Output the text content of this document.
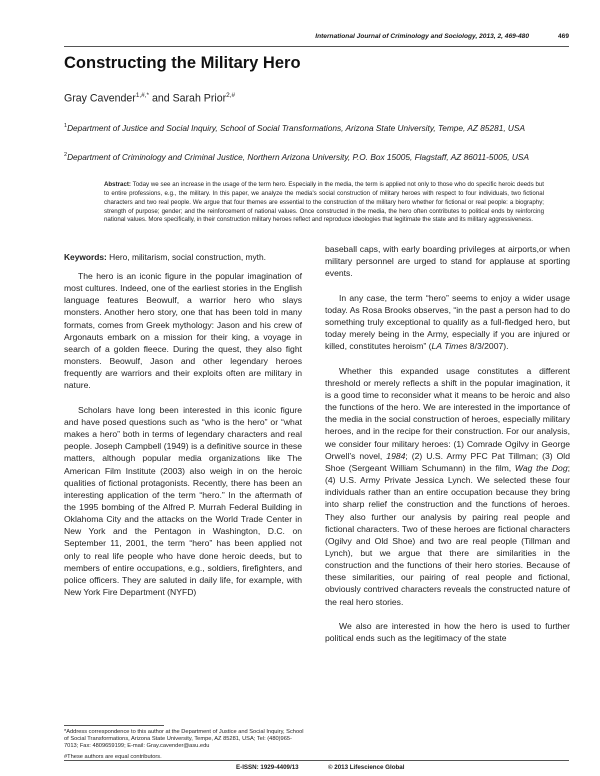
International Journal of Criminology and Sociology, 2013, 2, 469-480	469
Constructing the Military Hero
Gray Cavender$^{1,\#,*}$ and Sarah Prior$^{2,\#}$
$^1$Department of Justice and Social Inquiry, School of Social Transformations, Arizona State University, Tempe, AZ 85281, USA
$^2$Department of Criminology and Criminal Justice, Northern Arizona University, P.O. Box 15005, Flagstaff, AZ 86011-5005, USA
Abstract: Today we see an increase in the usage of the term hero. Especially in the media, the term is applied not only to those who do specific heroic deeds but to entire professions, e.g., the military. In this paper, we analyze the media's social construction of military heroes with respect to four individuals, two fictional characters and two real people. We argue that four themes are essential to the construction of the military hero whether for fictional or real people: a biography; strength of purpose; gender; and the reinforcement of national values. Once constructed in the media, the hero often contributes to political ends by reinforcing national values. More specifically, in their construction military heroes reflect and reproduce ideologies that legitimate the state and its military aggressiveness.
Keywords: Hero, militarism, social construction, myth.

The hero is an iconic figure in the popular imagination of most cultures. Indeed, one of the earliest stories in the English language features Beowulf, a warrior hero who slays monsters. Another hero story, one that has been told in many formats, comes from Greek mythology: Jason and his crew of Argonauts embark on a mission for their king, a voyage in search of a golden fleece. During the quest, they also fight monsters. Beowulf, Jason and other legendary heroes frequently are warriors and their exploits often are military in nature.

Scholars have long been interested in this iconic figure and have posed questions such as “who is the hero” or “what makes a hero” both in terms of legendary characters and real people. Joseph Campbell (1949) is a definitive source in these matters, although popular media organizations like The American Film Institute (2003) also weigh in on the heroic qualities of fictional protagonists. Recently, there has been an interesting application of the term “hero.” In the aftermath of the 1995 bombing of the Alfred P. Murrah Federal Building in Oklahoma City and the attacks on the World Trade Center in New York and the Pentagon in Washington, D.C. on September 11, 2001, the term “hero” has been applied not only to real life people who have done heroic deeds, but to members of entire occupations, e.g., soldiers, firefighters, and police officers. They are saluted in daily life, for example, with New York Fire Department (NYFD)

baseball caps, with early boarding privileges at airports,or when military personnel are urged to stand for applause at sporting events.

In any case, the term “hero” seems to enjoy a wider usage today. As Rosa Brooks observes, “in the past a person had to do something truly exceptional to qualify as a full-fledged hero, but today merely being in the Army, especially if you are injured or killed, constitutes heroism” (LA Times 8/3/2007).

Whether this expanded usage constitutes a different threshold or merely reflects a shift in the popular imagination, it is a good time to reconsider what it means to be heroic and also the functions of the hero. We are interested in the importance of the media in the social construction of heroes, especially military heroes, and in the recipe for their construction. For our analysis, we consider four military heroes: (1) Comrade Ogilvy in George Orwell’s novel, 1984; (2) U.S. Army PFC Pat Tillman; (3) Old Shoe (Sergeant William Schumann) in the film, Wag the Dog; (4) U.S. Army Private Jessica Lynch. We selected these four individuals rather than an entire occupation because they bring into sharp relief the construction and the functions of heroes. They also further our analysis by pairing real people and fictional characters. Two of these heroes are fictional characters (Ogilvy and Old Shoe) and two are real people (Tillman and Lynch), but we argue that there are similarities in the construction and the functions of their hero stories. Because of these similarities, our pairing of real people and fictional, obviously contrived characters reveals the constructed nature of the real hero stories.

We also are interested in how the hero is used to further political ends such as the legitimacy of the state

*Address correspondence to this author at the Department of Justice and Social Inquiry, School of Social Transformations, Arizona State University, Tempe, AZ 85281, USA; Tel: (480)965-7013; Fax: 4809659199; E-mail: Gray.cavender@asu.edu
#These authors are equal contributors.
E-ISSN: 1929-4409/13	© 2013 Lifescience Global
